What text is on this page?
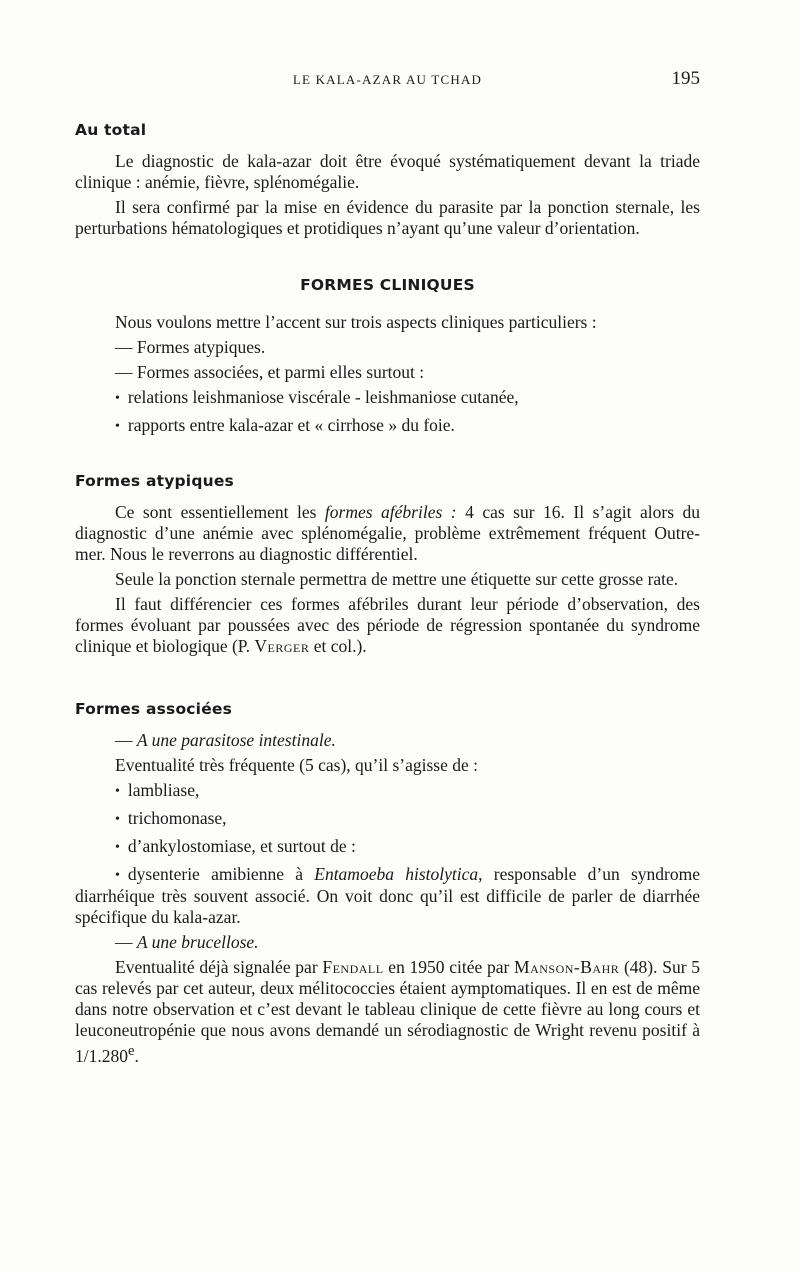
LE KALA-AZAR AU TCHAD	195
Au total

Le diagnostic de kala-azar doit être évoqué systématiquement devant la triade clinique : anémie, fièvre, splénomégalie.

Il sera confirmé par la mise en évidence du parasite par la ponction sternale, les perturbations hématologiques et protidiques n’ayant qu’une valeur d’orientation.

FORMES CLINIQUES

Nous voulons mettre l’accent sur trois aspects cliniques particuliers :

— Formes atypiques.
— Formes associées, et parmi elles surtout :
• relations leishmaniose viscérale - leishmaniose cutanée,
• rapports entre kala-azar et « cirrhose » du foie.
Formes atypiques

Ce sont essentiellement les formes afébriles : 4 cas sur 16. Il s’agit alors du diagnostic d’une anémie avec splénomégalie, problème extrêmement fréquent Outre-mer. Nous le reverrons au diagnostic différentiel.

Seule la ponction sternale permettra de mettre une étiquette sur cette grosse rate.

Il faut différencier ces formes afébriles durant leur période d’observation, des formes évoluant par poussées avec des période de régression spontanée du syndrome clinique et biologique (P. Verger et col.).

Formes associées
— A une parasitose intestinale.

Eventualité très fréquente (5 cas), qu’il s’agisse de :

• lambliase,
• trichomonase,
• d’ankylostomiase, et surtout de :
• dysenterie amibienne à Entamoeba histolytica, responsable d’un syndrome diarrhéique très souvent associé. On voit donc qu’il est difficile de parler de diarrhée spécifique du kala-azar.
— A une brucellose.

Eventualité déjà signalée par Fendall en 1950 citée par Manson-Bahr (48). Sur 5 cas relevés par cet auteur, deux mélitococcies étaient aymptomatiques. Il en est de même dans notre observation et c’est devant le tableau clinique de cette fièvre au long cours et leuconeutropénie que nous avons demandé un sérodiagnostic de Wright revenu positif à 1/1.280e.
